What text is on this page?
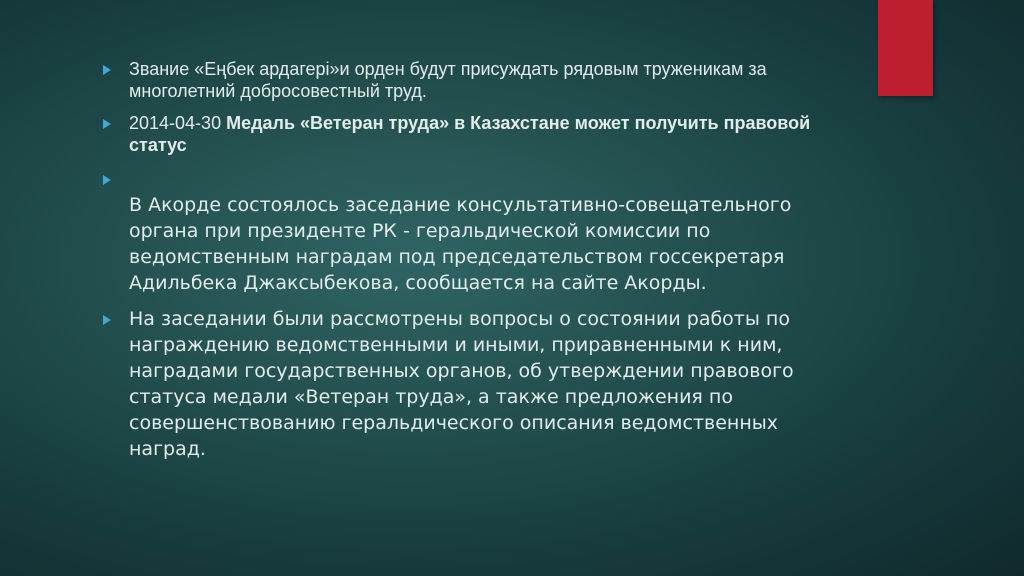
Звание «Еңбек ардагері»и орден будут присуждать рядовым труженикам за многолетний добросовестный труд.
2014-04-30 Медаль «Ветеран труда» в Казахстане может получить правовой статус
В Акорде состоялось заседание консультативно-совещательного органа при президенте РК - геральдической комиссии по ведомственным наградам под председательством госсекретаря Адильбека Джаксыбекова, сообщается на сайте Акорды.
На заседании были рассмотрены вопросы о состоянии работы по награждению ведомственными и иными, приравненными к ним, наградами государственных органов, об утверждении правового статуса медали «Ветеран труда», а также предложения по совершенствованию геральдического описания ведомственных наград.
